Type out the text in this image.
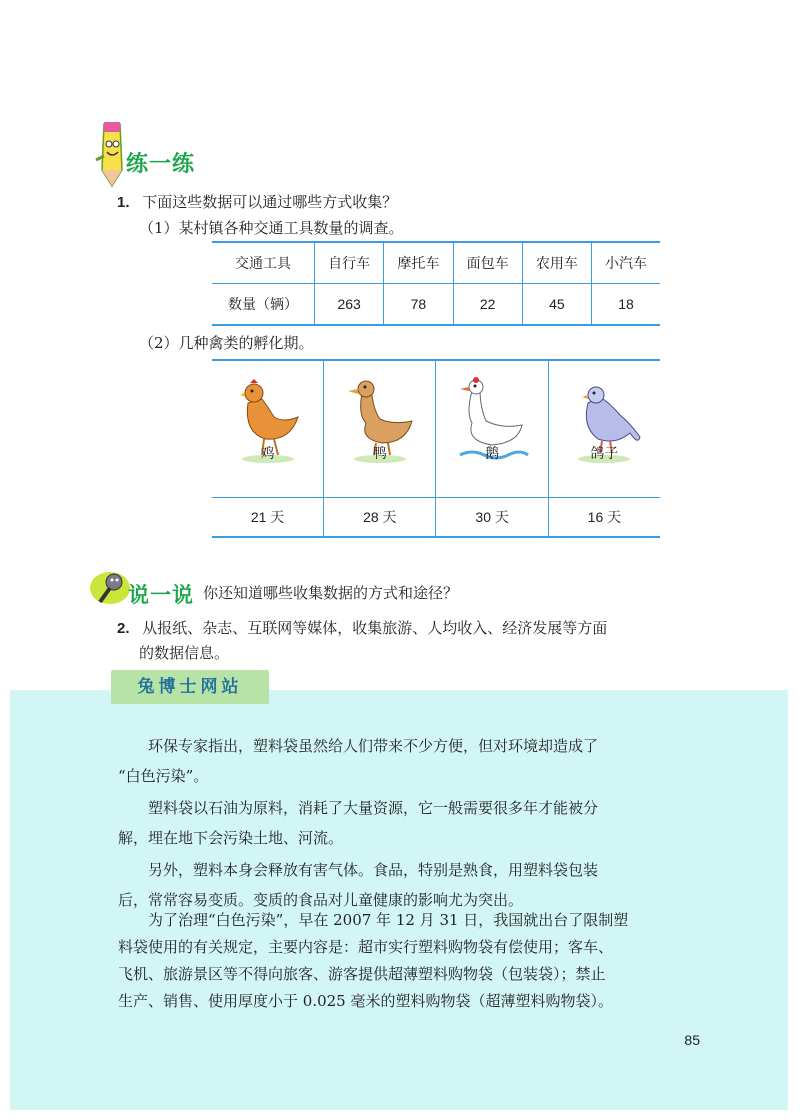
练一练
1. 下面这些数据可以通过哪些方式收集？
（1）某村镇各种交通工具数量的调查。
交通工具	自行车	摩托车	面包车	农用车	小汽车
数量（辆）	263	78	22	45	18
（2）几种禽类的孵化期。
鸡	鸭	鹅	鸽子

21 天	28 天	30 天	16 天
说一说 你还知道哪些收集数据的方式和途径？
2. 从报纸、杂志、互联网等媒体，收集旅游、人均收入、经济发展等方面
的数据信息。
兔博士网站

　　环保专家指出，塑料袋虽然给人们带来不少方便，但对环境却造成了

“白色污染”。

　　塑料袋以石油为原料，消耗了大量资源，它一般需要很多年才能被分

解，埋在地下会污染土地、河流。

　　另外，塑料本身会释放有害气体。食品，特别是熟食，用塑料袋包装

后，常常容易变质。变质的食品对儿童健康的影响尤为突出。

　　为了治理“白色污染”，早在 2007 年 12 月 31 日，我国就出台了限制塑

料袋使用的有关规定，主要内容是：超市实行塑料购物袋有偿使用；客车、

飞机、旅游景区等不得向旅客、游客提供超薄塑料购物袋（包装袋）；禁止

生产、销售、使用厚度小于 0.025 毫米的塑料购物袋（超薄塑料购物袋）。

85
